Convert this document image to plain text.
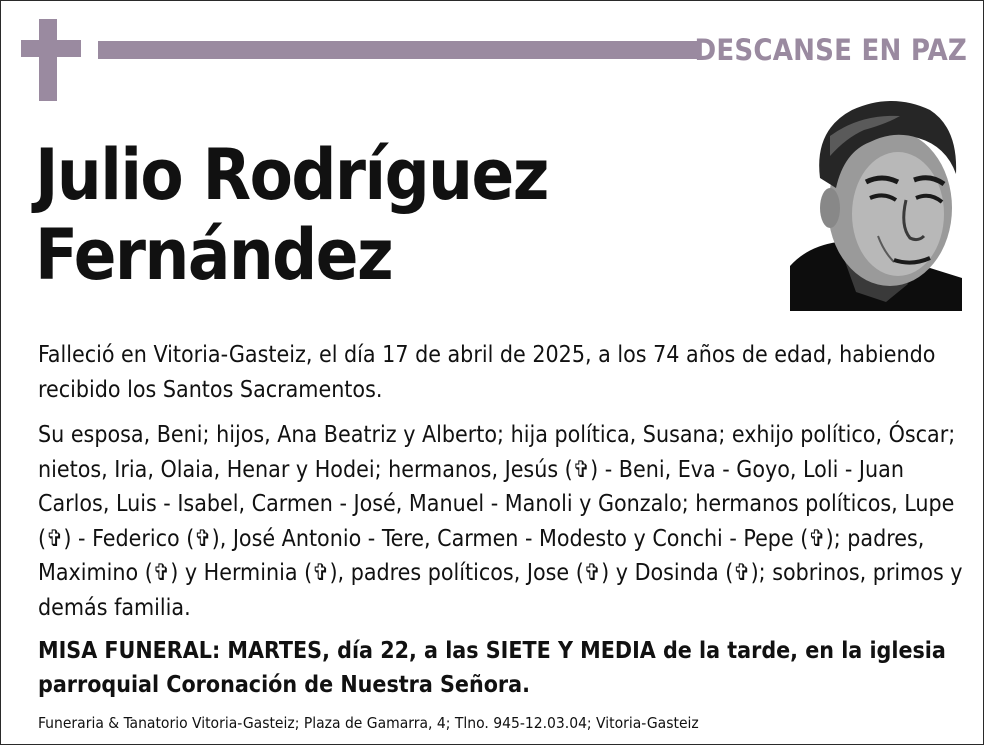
DESCANSE EN PAZ
Julio Rodríguez
Fernández

Falleció en Vitoria-Gasteiz, el día 17 de abril de 2025, a los 74 años de edad, habiendo recibido los Santos Sacramentos.

Su esposa, Beni; hijos, Ana Beatriz y Alberto; hija política, Susana; exhijo político, Óscar; nietos, Iria, Olaia, Henar y Hodei; hermanos, Jesús (✞) - Beni, Eva - Goyo, Loli - Juan Carlos, Luis - Isabel, Carmen - José, Manuel - Manoli y Gonzalo; hermanos políticos, Lupe (✞) - Federico (✞), José Antonio - Tere, Carmen - Modesto y Conchi - Pepe (✞); padres, Maximino (✞) y Herminia (✞), padres políticos, Jose (✞) y Dosinda (✞); sobrinos, primos y demás familia.

MISA FUNERAL: MARTES, día 22, a las SIETE Y MEDIA de la tarde, en la iglesia parroquial Coronación de Nuestra Señora.

Funeraria & Tanatorio Vitoria-Gasteiz; Plaza de Gamarra, 4; Tlno. 945-12.03.04; Vitoria-Gasteiz
